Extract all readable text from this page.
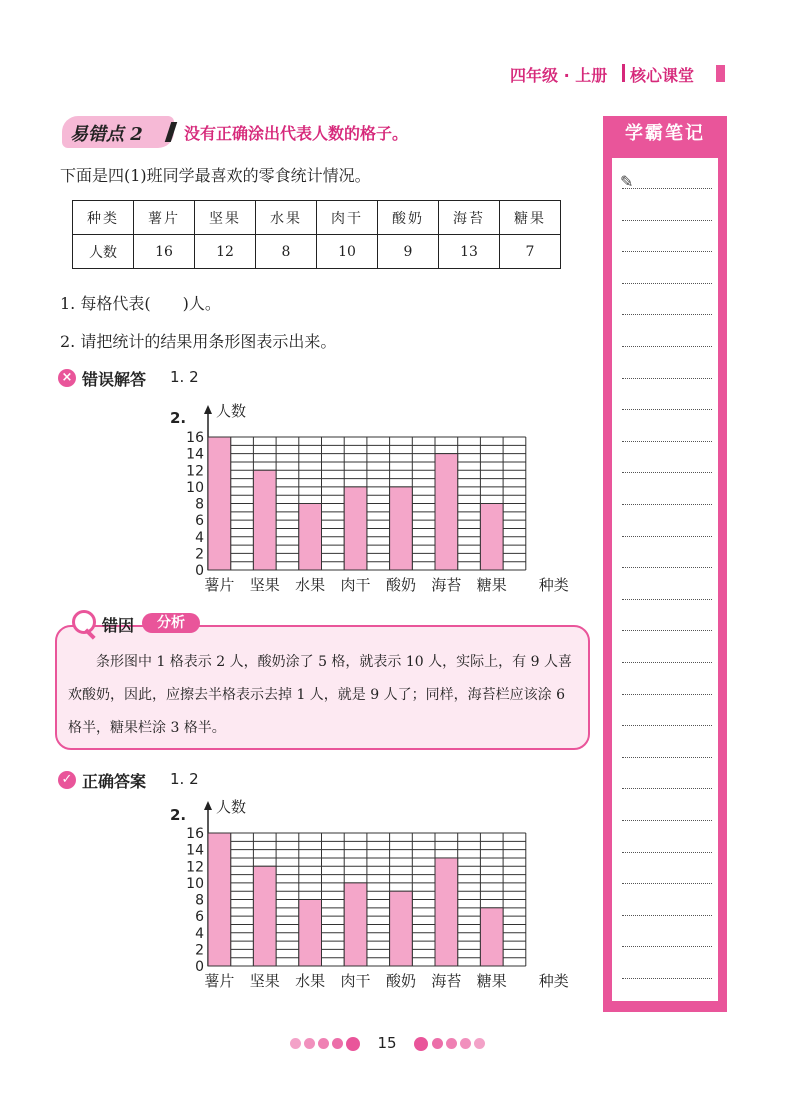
四年级 · 上册 核心课堂
易错点 2	没有正确涂出代表人数的格子。
下面是四(1)班同学最喜欢的零食统计情况。
种类	薯片	坚果	水果	肉干	酸奶	海苔	糖果
人数	16	12	8	10	9	13	7
1. 每格代表(　　)人。
2. 请把统计的结果用条形图表示出来。
× 错误解答 1. 2
2. 人数
0
2
4
6
8
10
12
14
16
薯片 坚果 水果 肉干 酸奶 海苔 糖果 种类
错因	分析
条形图中 1 格表示 2 人，酸奶涂了 5 格，就表示 10 人，实际上，有 9 人喜欢酸奶，因此，应擦去半格表示去掉 1 人，就是 9 人了；同样，海苔栏应该涂 6 格半，糖果栏涂 3 格半。
✓ 正确答案 1. 2
2. 人数
0
2
4
6
8
10
12
14
16
薯片 坚果 水果 肉干 酸奶 海苔 糖果 种类
学霸笔记
✎
15
